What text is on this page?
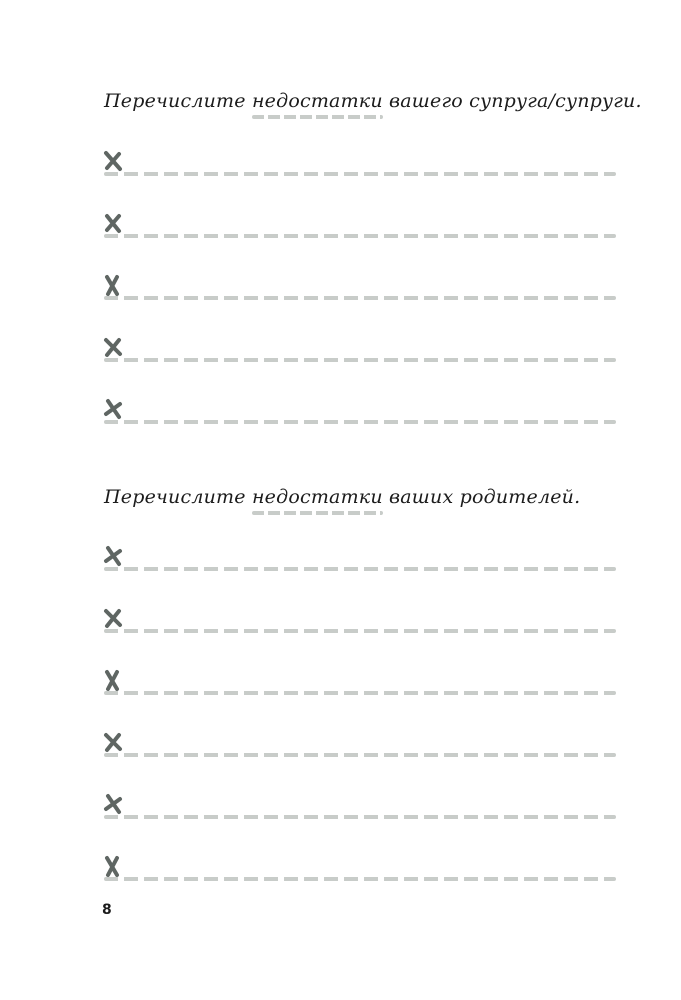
Перечислите недостатки
вашего супруга/супруги.
Перечислите недостатки
ваших родителей.
8
